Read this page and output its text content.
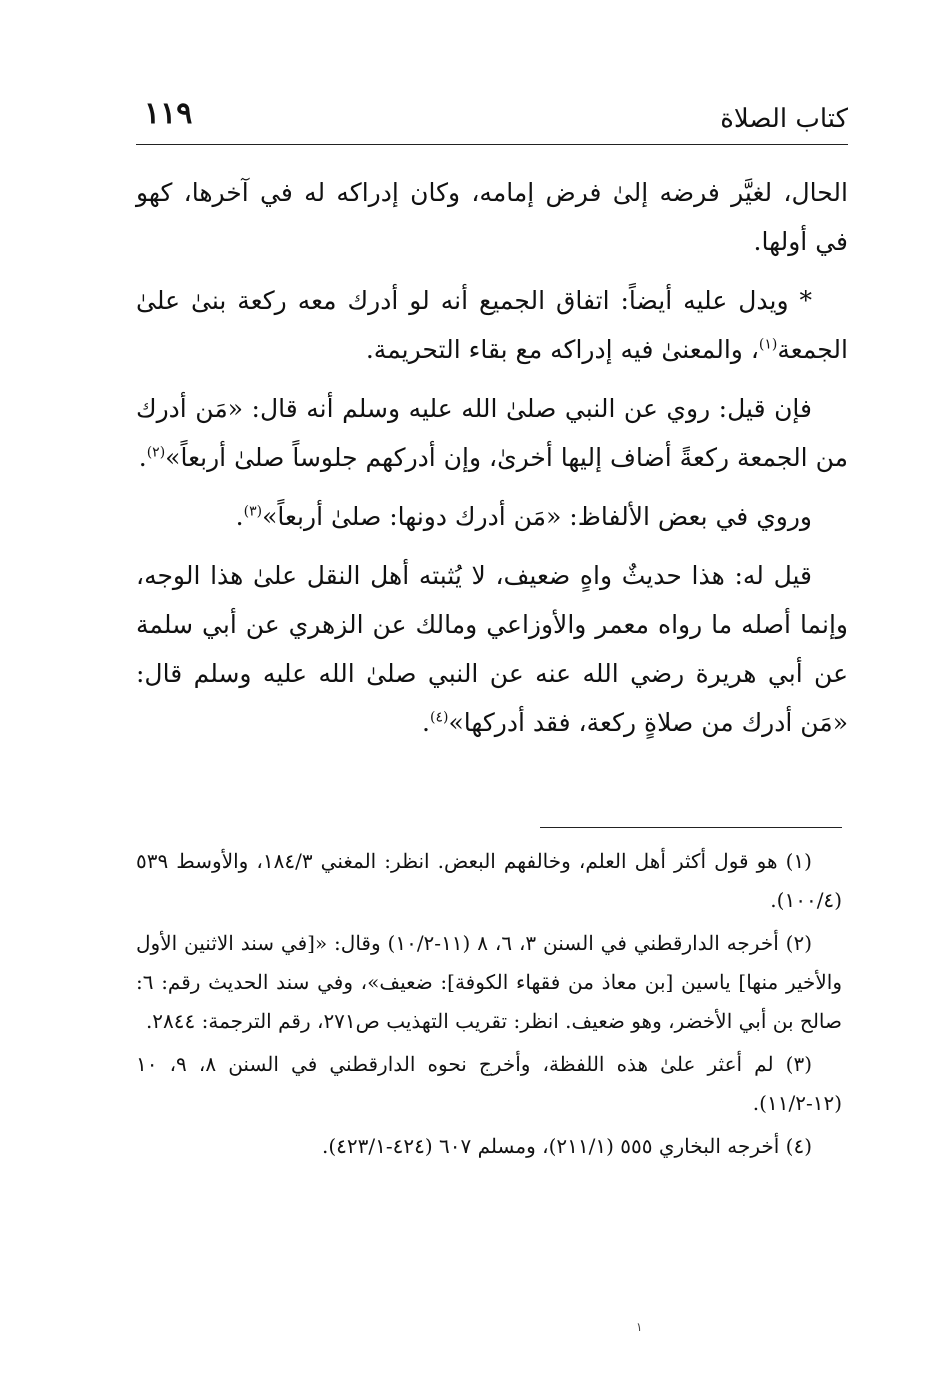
١١٩	كتاب الصلاة

الحال، لغيَّر فرضه إلىٰ فرض إمامه، وكان إدراكه له في آخرها، كهو في أولها.

* ويدل عليه أيضاً: اتفاق الجميع أنه لو أدرك معه ركعة بنىٰ علىٰ الجمعة$^{(١)}$، والمعنىٰ فيه إدراكه مع بقاء التحريمة.

فإن قيل: روي عن النبي صلىٰ الله عليه وسلم أنه قال: «مَن أدرك من الجمعة ركعةً أضاف إليها أخرىٰ، وإن أدركهم جلوساً صلىٰ أربعاً»$^{(٢)}$.

وروي في بعض الألفاظ: «مَن أدرك دونها: صلىٰ أربعاً»$^{(٣)}$.

قيل له: هذا حديثٌ واهٍ ضعيف، لا يُثبته أهل النقل علىٰ هذا الوجه، وإنما أصله ما رواه معمر والأوزاعي ومالك عن الزهري عن أبي سلمة عن أبي هريرة رضي الله عنه عن النبي صلىٰ الله عليه وسلم قال: «مَن أدرك من صلاةٍ ركعة، فقد أدركها»$^{(٤)}$.

(١) هو قول أكثر أهل العلم، وخالفهم البعض. انظر: المغني ١٨٤/٣، والأوسط ٥٣٩ (١٠٠/٤).

(٢) أخرجه الدارقطني في السنن ٣، ٦، ٨ (١١-١٠/٢) وقال: «[في سند الاثنين الأول والأخير منها] ياسين [بن معاذ من فقهاء الكوفة]: ضعيف»، وفي سند الحديث رقم: ٦: صالح بن أبي الأخضر، وهو ضعيف. انظر: تقريب التهذيب ص٢٧١، رقم الترجمة: ٢٨٤٤.

(٣) لم أعثر علىٰ هذه اللفظة، وأخرج نحوه الدارقطني في السنن ٨، ٩، ١٠ (١٢-١١/٢).

(٤) أخرجه البخاري ٥٥٥ (٢١١/١)، ومسلم ٦٠٧ (٤٢٤-٤٢٣/١).

١
